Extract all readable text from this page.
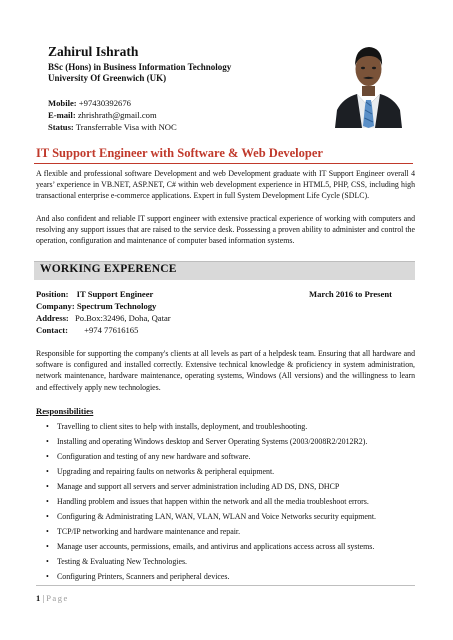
Zahirul Ishrath
BSc (Hons) in Business Information Technology
University Of Greenwich (UK)
Mobile: +97430392676
E-mail: zhrishrath@gmail.com
Status: Transferrable Visa with NOC
IT Support Engineer with Software & Web Developer
A flexible and professional software Development and web Development graduate with IT Support Engineer overall 4 years’ experience in VB.NET, ASP.NET, C# within web development experience in HTML5, PHP, CSS, including high transactional enterprise e-commerce applications. Expert in full System Development Life Cycle (SDLC).
And also confident and reliable IT support engineer with extensive practical experience of working with computers and resolving any support issues that are raised to the service desk. Possessing a proven ability to administer and control the operation, configuration and maintenance of computer based information systems.
WORKING EXPERENCE
Position: IT Support Engineer	March 2016 to Present
Company: Spectrum Technology
Address: Po.Box:32496, Doha, Qatar
Contact: +974 77616165
Responsible for supporting the company's clients at all levels as part of a helpdesk team. Ensuring that all hardware and software is configured and installed correctly. Extensive technical knowledge & proficiency in system administration, network maintenance, hardware maintenance, operating systems, Windows (All versions) and the willingness to learn and effectively apply new technologies.
Responsibilities
• Travelling to client sites to help with installs, deployment, and troubleshooting.
• Installing and operating Windows desktop and Server Operating Systems (2003/2008R2/2012R2).
• Configuration and testing of any new hardware and software.
• Upgrading and repairing faults on networks & peripheral equipment.
• Manage and support all servers and server administration including AD DS, DNS, DHCP
• Handling problem and issues that happen within the network and all the media troubleshoot errors.
• Configuring & Administrating LAN, WAN, VLAN, WLAN and Voice Networks security equipment.
• TCP/IP networking and hardware maintenance and repair.
• Manage user accounts, permissions, emails, and antivirus and applications access across all systems.
• Testing & Evaluating New Technologies.
• Configuring Printers, Scanners and peripheral devices.
1 | Page
